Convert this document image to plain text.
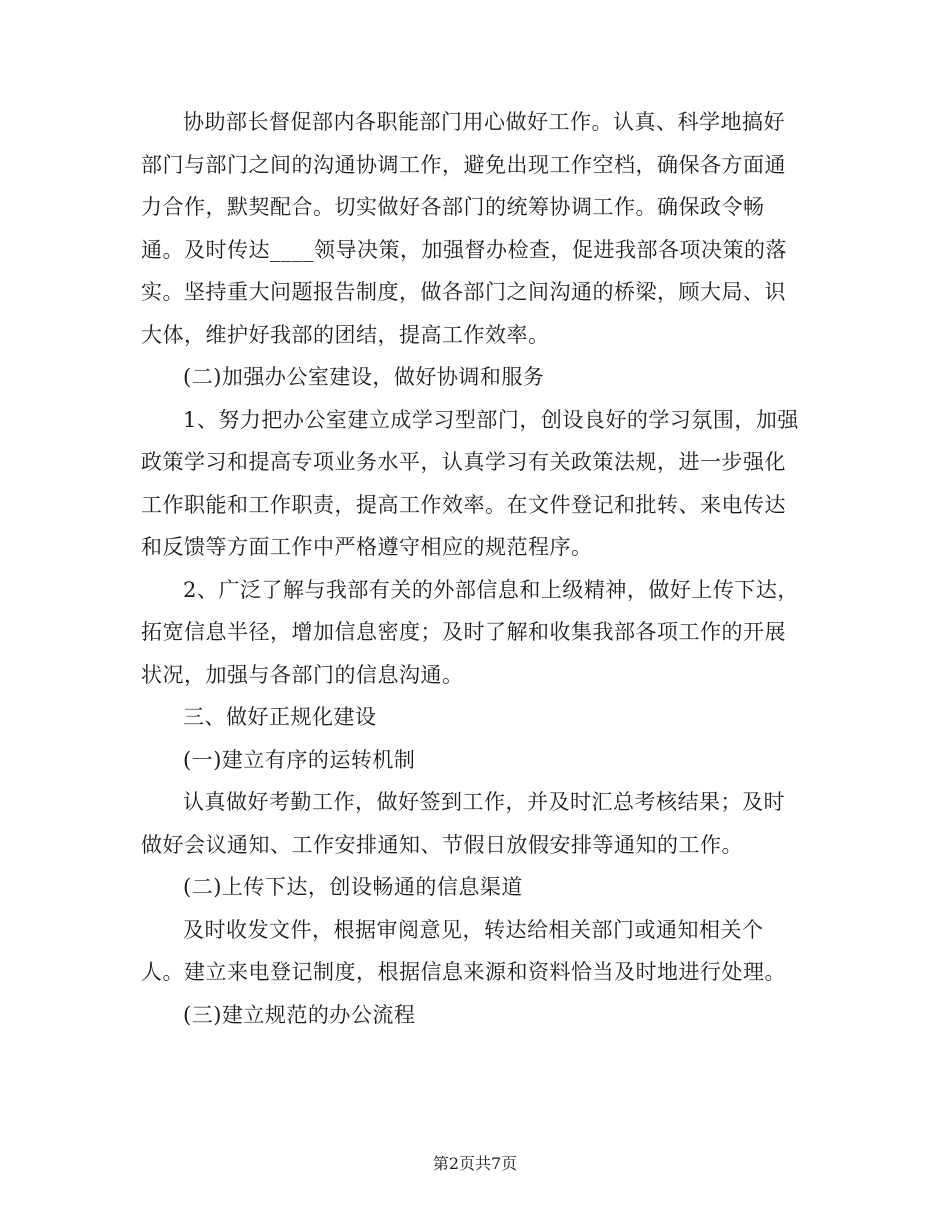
协助部长督促部内各职能部门用心做好工作。认真、科学地搞好
部门与部门之间的沟通协调工作，避免出现工作空档，确保各方面通
力合作，默契配合。切实做好各部门的统筹协调工作。确保政令畅
通。及时传达____领导决策，加强督办检查，促进我部各项决策的落
实。坚持重大问题报告制度，做各部门之间沟通的桥梁，顾大局、识
大体，维护好我部的团结，提高工作效率。
(二)加强办公室建设，做好协调和服务
1、努力把办公室建立成学习型部门，创设良好的学习氛围，加强
政策学习和提高专项业务水平，认真学习有关政策法规，进一步强化
工作职能和工作职责，提高工作效率。在文件登记和批转、来电传达
和反馈等方面工作中严格遵守相应的规范程序。
2、广泛了解与我部有关的外部信息和上级精神，做好上传下达，
拓宽信息半径，增加信息密度；及时了解和收集我部各项工作的开展
状况，加强与各部门的信息沟通。
三、做好正规化建设
(一)建立有序的运转机制
认真做好考勤工作，做好签到工作，并及时汇总考核结果；及时
做好会议通知、工作安排通知、节假日放假安排等通知的工作。
(二)上传下达，创设畅通的信息渠道
及时收发文件，根据审阅意见，转达给相关部门或通知相关个
人。建立来电登记制度，根据信息来源和资料恰当及时地进行处理。
(三)建立规范的办公流程
第2页共7页
